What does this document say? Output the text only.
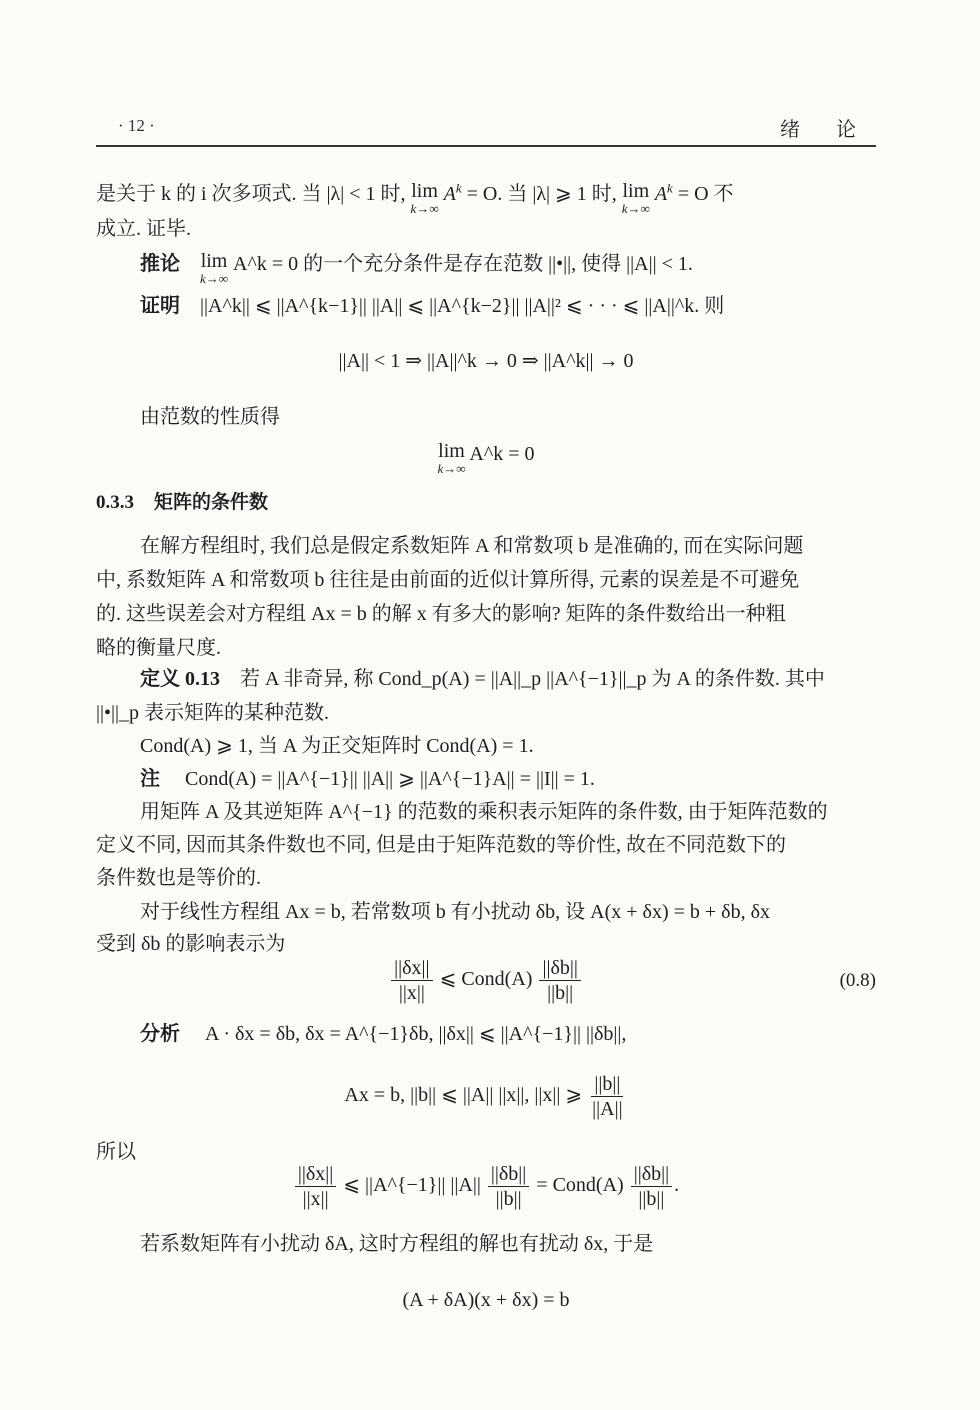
· 12 ·	绪论
是关于 k 的 i 次多项式. 当 |λ| < 1 时, lim
k→∞
$A^k = O$. 当 |λ| ⩾ 1 时, lim
k→∞
$A^k = O$ 不
成立. 证毕.
推论 lim
k→∞
A^k = 0 的一个充分条件是存在范数 ||•||, 使得 ||A|| < 1.
证明 ||A^k|| ⩽ ||A^{k−1}|| ||A|| ⩽ ||A^{k−2}|| ||A||² ⩽ · · · ⩽ ||A||^k. 则
||A|| < 1 ⇒ ||A||^k → 0 ⇒ ||A^k|| → 0
由范数的性质得
lim
k→∞
A^k = 0
0.3.3 矩阵的条件数
在解方程组时, 我们总是假定系数矩阵 A 和常数项 b 是准确的, 而在实际问题
中, 系数矩阵 A 和常数项 b 往往是由前面的近似计算所得, 元素的误差是不可避免
的. 这些误差会对方程组 Ax = b 的解 x 有多大的影响? 矩阵的条件数给出一种粗
略的衡量尺度.
定义 0.13 若 A 非奇异, 称 Cond_p(A) = ||A||_p ||A^{−1}||_p 为 A 的条件数. 其中
||•||_p 表示矩阵的某种范数.
Cond(A) ⩾ 1, 当 A 为正交矩阵时 Cond(A) = 1.
注 Cond(A) = ||A^{−1}|| ||A|| ⩾ ||A^{−1}A|| = ||I|| = 1.
用矩阵 A 及其逆矩阵 A^{−1} 的范数的乘积表示矩阵的条件数, 由于矩阵范数的
定义不同, 因而其条件数也不同, 但是由于矩阵范数的等价性, 故在不同范数下的
条件数也是等价的.
对于线性方程组 Ax = b, 若常数项 b 有小扰动 δb, 设 A(x + δx) = b + δb, δx
受到 δb 的影响表示为
$\frac{||\delta x||}{||x||}$ ⩽ Cond(A) $\frac{||\delta b||}{||b||}$	(0.8)
分析 A · δx = δb, δx = A^{−1}δb, ||δx|| ⩽ ||A^{−1}|| ||δb||,
Ax = b, ||b|| ⩽ ||A|| ||x||, ||x|| ⩾ $\frac{||b||}{||A||}$
所以
$\frac{||\delta x||}{||x||}$ ⩽ ||A^{−1}|| $||A|| \frac{||\delta b||}{||b||}$ = Cond(A) $\frac{||\delta b||}{||b||}$ .
若系数矩阵有小扰动 δA, 这时方程组的解也有扰动 δx, 于是
(A + δA)(x + δx) = b
